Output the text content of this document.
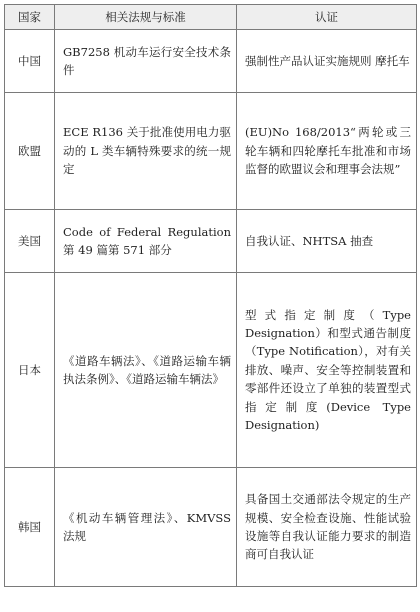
国家	相关法规与标准	认证
中国	GB7258 机动车运行安全技术条件	强制性产品认证实施规则 摩托车
欧盟	ECE R136 关于批准使用电力驱动的 L 类车辆特殊要求的统一规定	(EU)No 168/2013“两轮或三轮车辆和四轮摩托车批准和市场监督的欧盟议会和理事会法规”
美国	Code of Federal Regulation 第 49 篇第 571 部分	自我认证、NHTSA 抽查
日本	《道路车辆法》、《道路运输车辆执法条例》、《道路运输车辆法》	型式指定制度（Type Designation）和型式通告制度（Type Notification），对有关排放、噪声、安全等控制装置和零部件还设立了单独的装置型式指定制度(Device Type Designation)
韩国	《机动车辆管理法》、KMVSS 法规	具备国土交通部法令规定的生产规模、安全检查设施、性能试验设施等自我认证能力要求的制造商可自我认证
